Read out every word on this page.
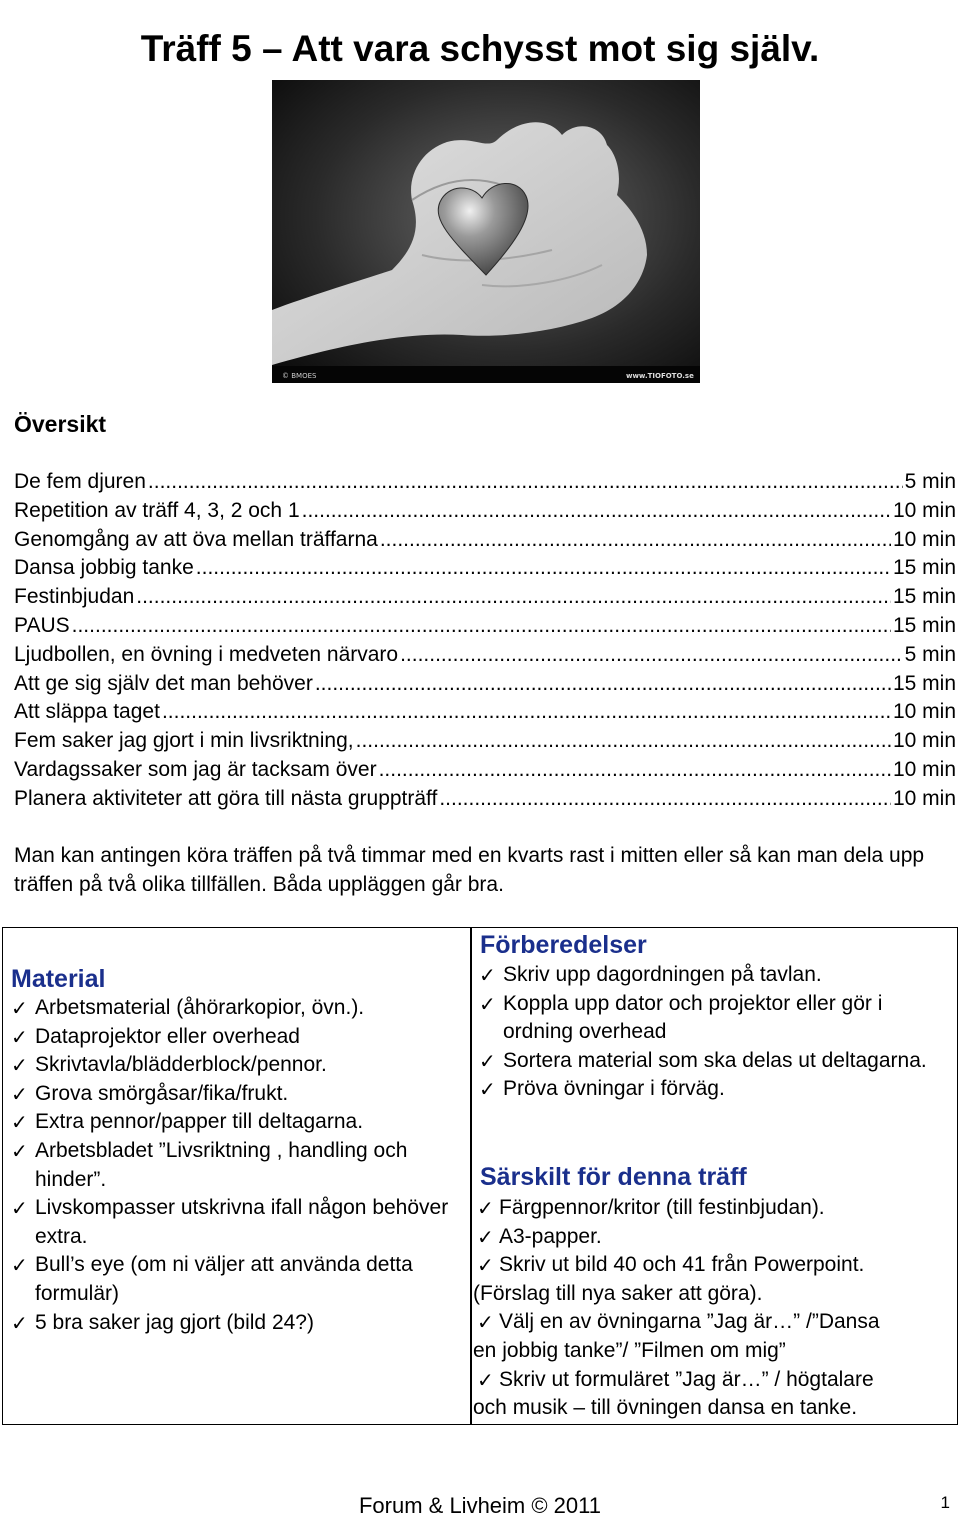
Träff 5 – Att vara schysst mot sig själv.
© BMOES	www.TIOFOTO.se
Översikt
De fem djuren .....	5 min
Repetition av träff 4, 3, 2 och 1 .....	10 min
Genomgång av att öva mellan träffarna .....	10 min
Dansa jobbig tanke .....	15 min
Festinbjudan .....	15 min
PAUS .....	15 min
Ljudbollen, en övning i medveten närvaro .....	5 min
Att ge sig själv det man behöver .....	15 min
Att släppa taget .....	10 min
Fem saker jag gjort i min livsriktning, .....	10 min
Vardagssaker som jag är tacksam över .....	10 min
Planera aktiviteter att göra till nästa gruppträff .....	10 min

Man kan antingen köra träffen på två timmar med en kvarts rast i mitten eller så kan man dela upp träffen på två olika tillfällen. Båda uppläggen går bra.

Material
✓ Arbetsmaterial (åhörarkopior, övn.).
✓ Dataprojektor eller overhead
✓ Skrivtavla/blädderblock/pennor.
✓ Grova smörgåsar/fika/frukt.
✓ Extra pennor/papper till deltagarna.
✓ Arbetsbladet ”Livsriktning , handling och hinder”.
✓ Livskompasser utskrivna ifall någon behöver extra.
✓ Bull’s eye (om ni väljer att använda detta formulär)
✓ 5 bra saker jag gjort (bild 24?)
Förberedelser
✓ Skriv upp dagordningen på tavlan.
✓ Koppla upp dator och projektor eller gör i ordning overhead
✓ Sortera material som ska delas ut deltagarna.
✓ Pröva övningar i förväg.
Särskilt för denna träff
✓ Färgpennor/kritor (till festinbjudan).
✓ A3-papper.
✓ Skriv ut bild 40 och 41 från Powerpoint.
(Förslag till nya saker att göra).
✓ Välj en av övningarna ”Jag är…” /”Dansa
en jobbig tanke”/ ”Filmen om mig”
✓ Skriv ut formuläret ”Jag är…” / högtalare
och musik – till övningen dansa en tanke.
Forum & Livheim © 2011	1
